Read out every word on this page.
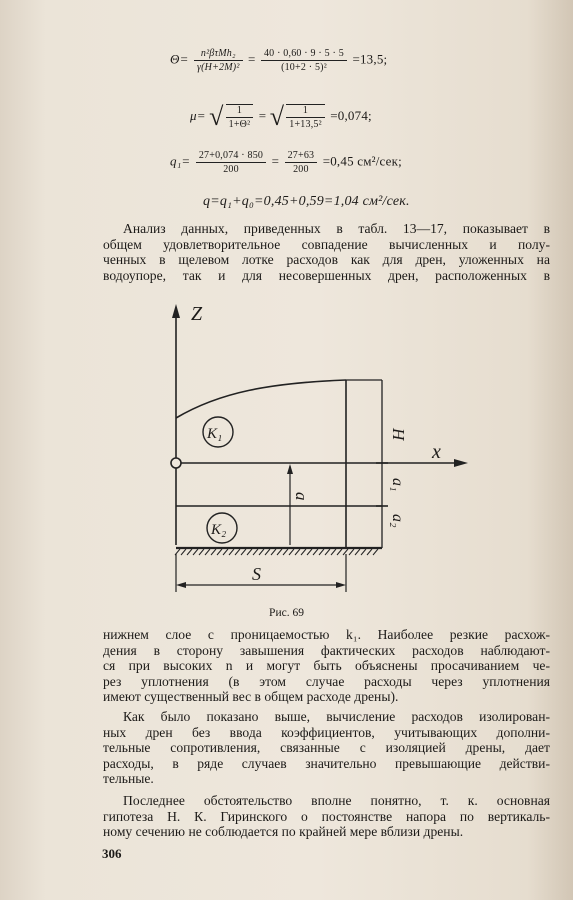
$\Theta= \frac{\text{n²βτMh₂}}{\text{γ(H+2M)²}} = \frac{40 \cdot 0,60 \cdot 9 \cdot 5 \cdot 5}{\text{(10+2 · 5)²}} =13,5$;
μ= √ $\frac{1}{\text{1+Θ²}}$ = √ $\frac{1}{\text{1+13,5²}} =0,074$;
$q_1= \frac{27+0,074 \cdot 850}{200} = \frac{27+63}{200} =0,45$ см²/сек;
q=q₁+q₀=0,45+0,59=1,04 см²/сек.
Анализ данных, приведенных в табл. 13—17, показывает в
общем удовлетворительное совпадение вычисленных и полу-
ченных в щелевом лотке расходов как для дрен, уложенных на
водоупоре, так и для несовершенных дрен, расположенных в
Z
x
K₁
K₂
H
a
a₁
a₂
S
Рис. 69
нижнем слое с проницаемостью k₁. Наиболее резкие расхож-
дения в сторону завышения фактических расходов наблюдают-
ся при высоких n и могут быть объяснены просачиванием че-
рез уплотнения (в этом случае расходы через уплотнения
имеют существенный вес в общем расходе дрены).
Как было показано выше, вычисление расходов изолирован-
ных дрен без ввода коэффициентов, учитывающих дополни-
тельные сопротивления, связанные с изоляцией дрены, дает
расходы, в ряде случаев значительно превышающие действи-
тельные.
Последнее обстоятельство вполне понятно, т. к. основная
гипотеза Н. К. Гиринского о постоянстве напора по вертикаль-
ному сечению не соблюдается по крайней мере вблизи дрены.
306
